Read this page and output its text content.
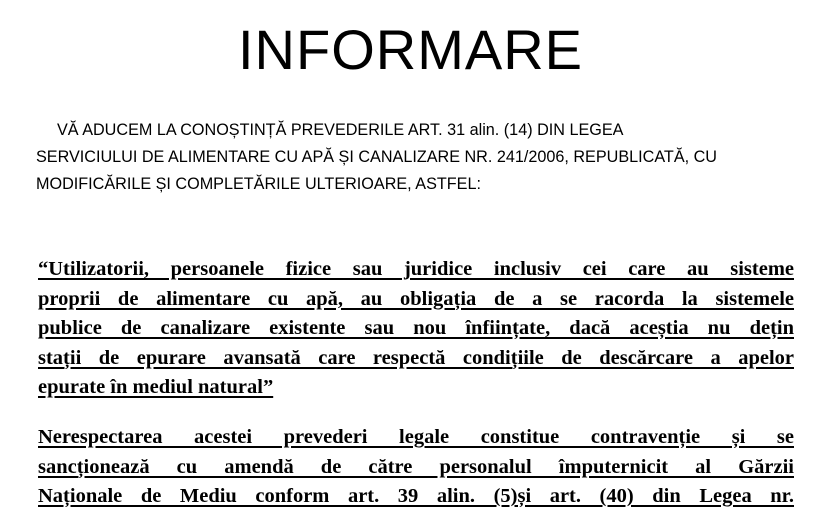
INFORMARE
VĂ ADUCEM LA CONOȘTINȚĂ PREVEDERILE ART. 31 alin. (14) DIN LEGEA
SERVICIULUI DE ALIMENTARE CU APĂ ȘI CANALIZARE NR. 241/2006, REPUBLICATĂ, CU
MODIFICĂRILE ȘI COMPLETĂRILE ULTERIOARE, ASTFEL:
“Utilizatorii, persoanele fizice sau juridice inclusiv cei care au sisteme
proprii de alimentare cu apă, au obligația de a se racorda la sistemele
publice de canalizare existente sau nou înființate, dacă aceștia nu dețin
stații de epurare avansată care respectă condițiile de descărcare a apelor
epurate în mediul natural”
Nerespectarea acestei prevederi legale constitue contravenție și se
sancționează cu amendă de către personalul împuternicit al Gărzii
Naționale de Mediu conform art. 39 alin. (5)și art. (40) din Legea nr.
